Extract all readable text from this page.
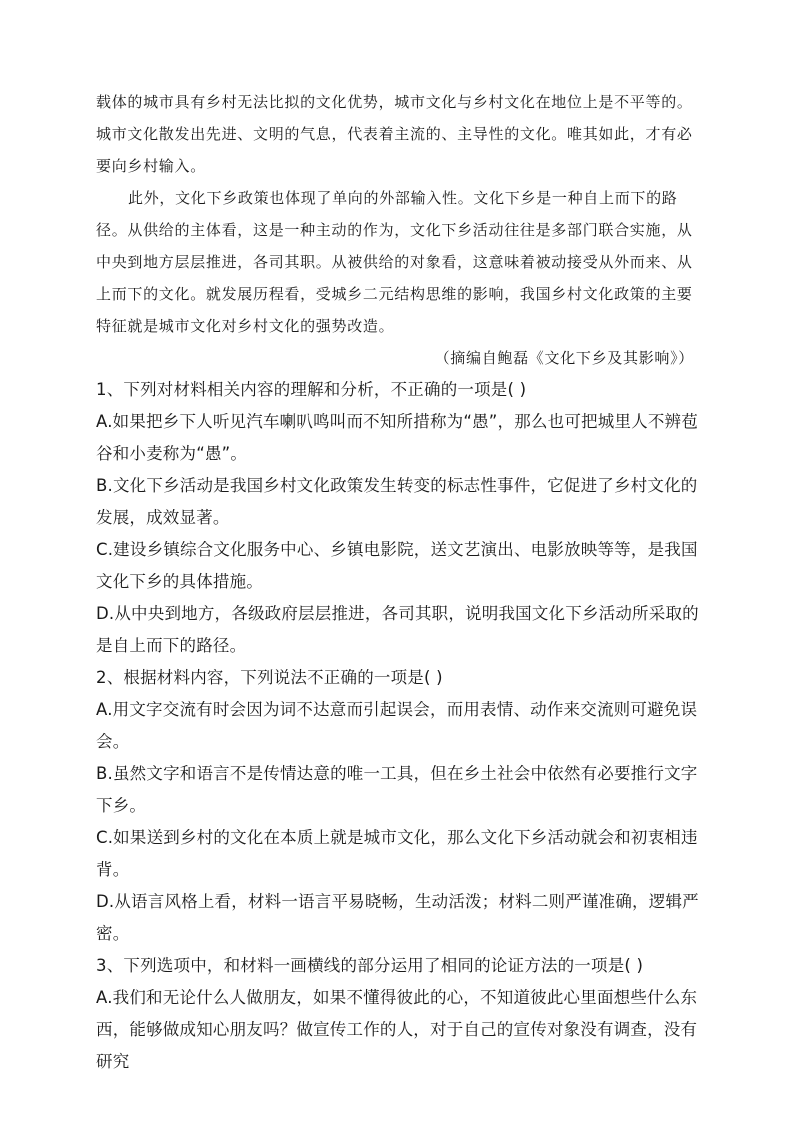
载体的城市具有乡村无法比拟的文化优势，城市文化与乡村文化在地位上是不平等的。城市文化散发出先进、文明的气息，代表着主流的、主导性的文化。唯其如此，才有必要向乡村输入。

此外，文化下乡政策也体现了单向的外部输入性。文化下乡是一种自上而下的路径。从供给的主体看，这是一种主动的作为，文化下乡活动往往是多部门联合实施，从中央到地方层层推进，各司其职。从被供给的对象看，这意味着被动接受从外而来、从上而下的文化。就发展历程看，受城乡二元结构思维的影响，我国乡村文化政策的主要特征就是城市文化对乡村文化的强势改造。

（摘编自鲍磊《文化下乡及其影响》）

1、下列对材料相关内容的理解和分析，不正确的一项是( )

A.如果把乡下人听见汽车喇叭鸣叫而不知所措称为“愚”，那么也可把城里人不辨苞谷和小麦称为“愚”。

B.文化下乡活动是我国乡村文化政策发生转变的标志性事件，它促进了乡村文化的发展，成效显著。

C.建设乡镇综合文化服务中心、乡镇电影院，送文艺演出、电影放映等等，是我国文化下乡的具体措施。

D.从中央到地方，各级政府层层推进，各司其职，说明我国文化下乡活动所采取的是自上而下的路径。

2、根据材料内容，下列说法不正确的一项是( )

A.用文字交流有时会因为词不达意而引起误会，而用表情、动作来交流则可避免误会。

B.虽然文字和语言不是传情达意的唯一工具，但在乡土社会中依然有必要推行文字下乡。

C.如果送到乡村的文化在本质上就是城市文化，那么文化下乡活动就会和初衷相违背。

D.从语言风格上看，材料一语言平易晓畅，生动活泼；材料二则严谨准确，逻辑严密。

3、下列选项中，和材料一画横线的部分运用了相同的论证方法的一项是( )

A.我们和无论什么人做朋友，如果不懂得彼此的心，不知道彼此心里面想些什么东西，能够做成知心朋友吗？做宣传工作的人，对于自己的宣传对象没有调查，没有研究
